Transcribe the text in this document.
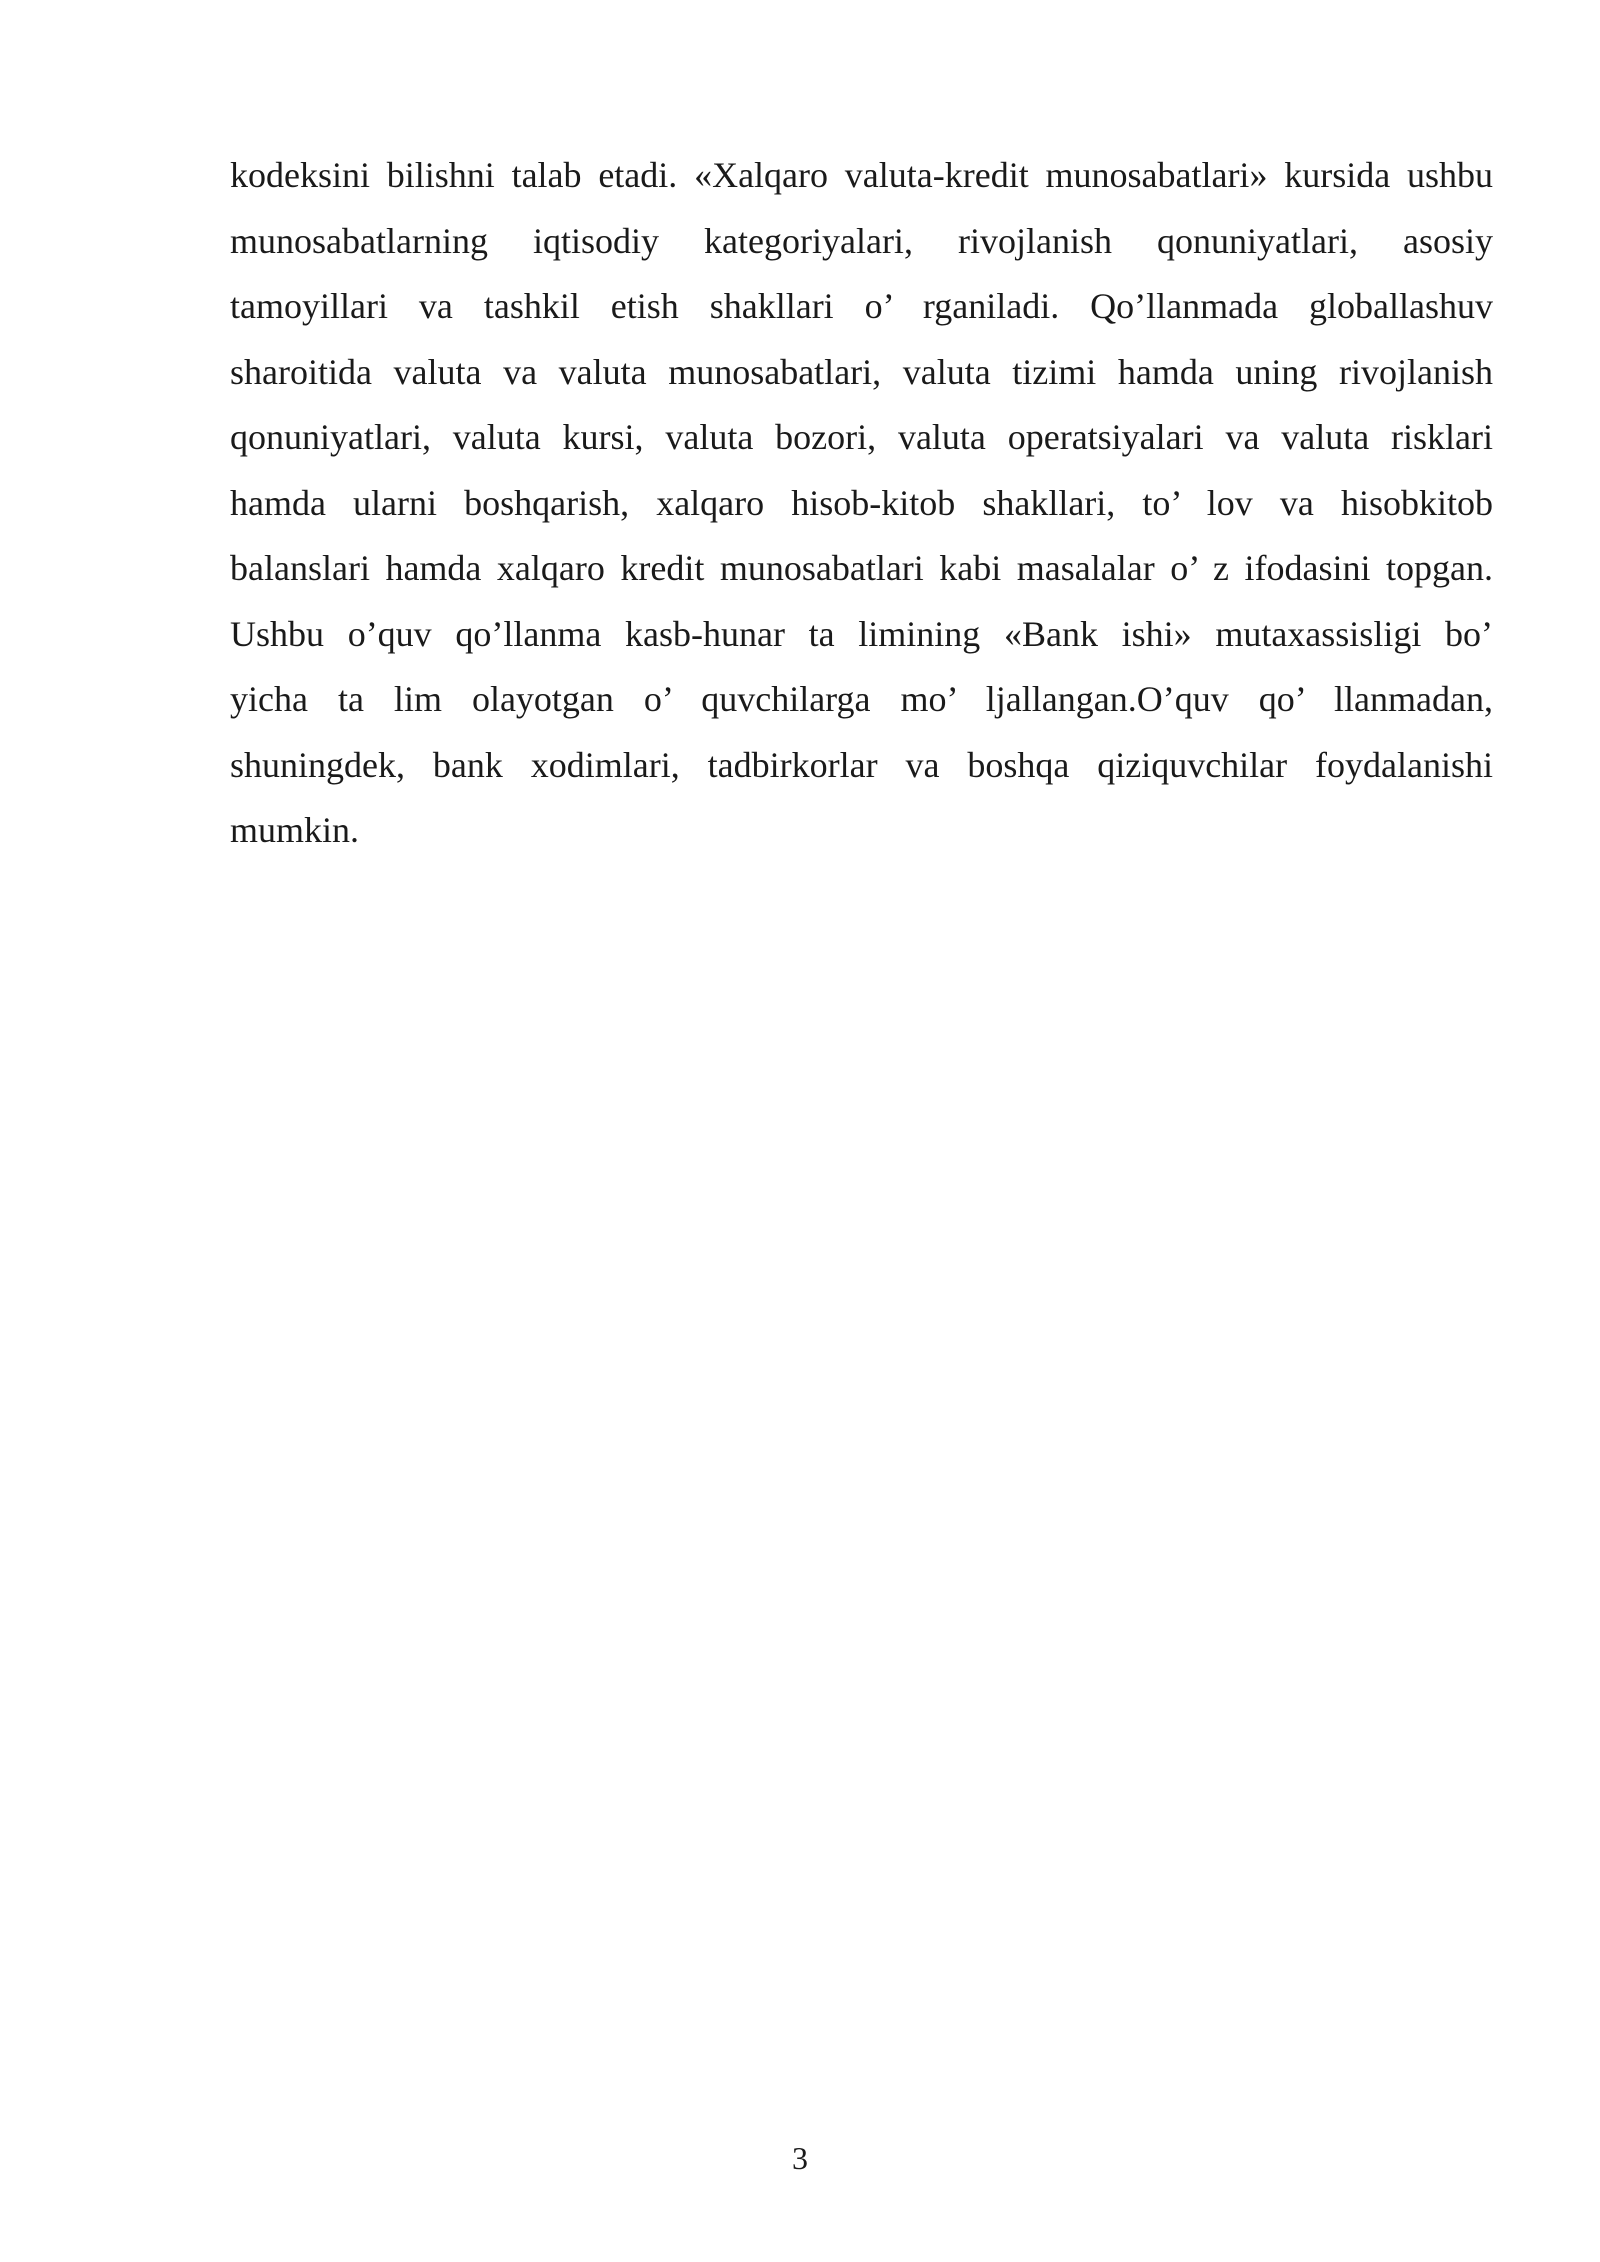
kodeksini bilishni talab etadi. «Xalqaro valuta-kredit munosabatlari» kursida ushbu
munosabatlarning iqtisodiy kategoriyalari, rivojlanish qonuniyatlari, asosiy
tamoyillari va tashkil etish shakllari o’ rganiladi. Qo’llanmada globallashuv
sharoitida valuta va valuta munosabatlari, valuta tizimi hamda uning rivojlanish
qonuniyatlari, valuta kursi, valuta bozori, valuta operatsiyalari va valuta risklari
hamda ularni boshqarish, xalqaro hisob-kitob shakllari, to’ lov va hisobkitob
balanslari hamda xalqaro kredit munosabatlari kabi masalalar o’ z ifodasini topgan.
Ushbu o’quv qo’llanma kasb-hunar ta limining «Bank ishi» mutaxassisligi bo’
yicha ta lim olayotgan o’ quvchilarga mo’ ljallangan.O’quv qo’ llanmadan,
shuningdek, bank xodimlari, tadbirkorlar va boshqa qiziquvchilar foydalanishi
mumkin.
3
